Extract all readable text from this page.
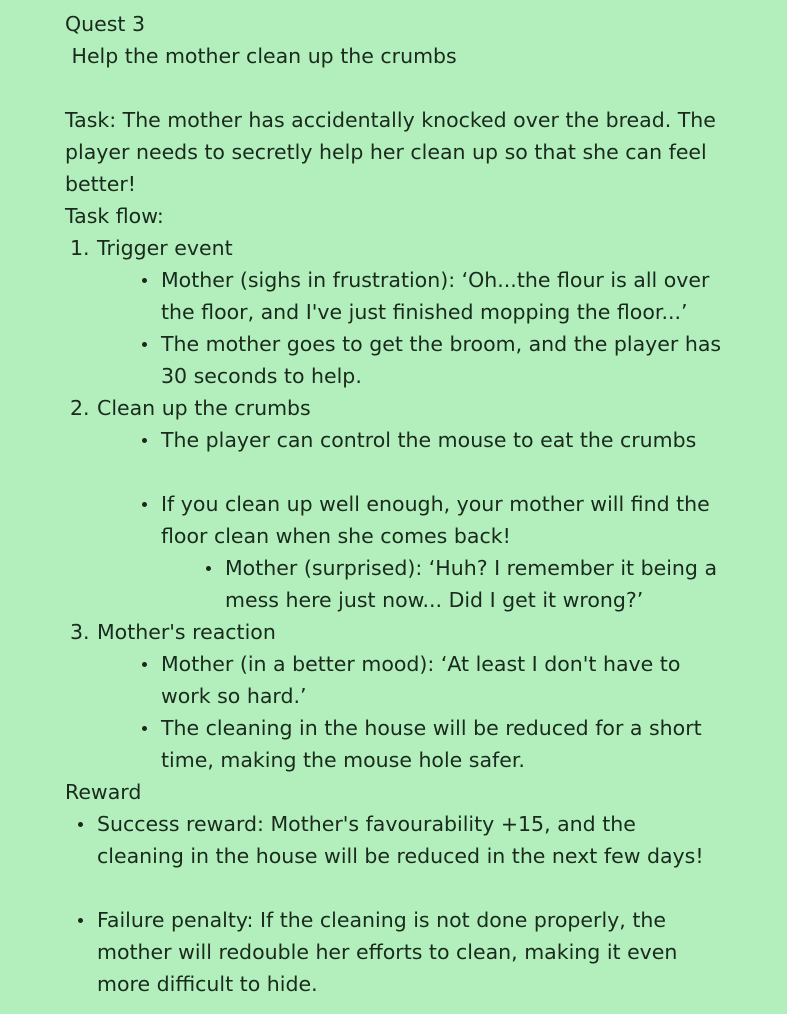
Quest 3
Help the mother clean up the crumbs
Task: The mother has accidentally knocked over the bread. The player needs to secretly help her clean up so that she can feel better!
Task flow:
1. Trigger event
Mother (sighs in frustration): ‘Oh...the flour is all over the floor, and I've just finished mopping the floor...’
The mother goes to get the broom, and the player has 30 seconds to help.
2. Clean up the crumbs
The player can control the mouse to eat the crumbs
If you clean up well enough, your mother will find the floor clean when she comes back!
Mother (surprised): ‘Huh? I remember it being a mess here just now... Did I get it wrong?’
3. Mother's reaction
Mother (in a better mood): ‘At least I don't have to work so hard.’
The cleaning in the house will be reduced for a short time, making the mouse hole safer.
Reward
Success reward: Mother's favourability +15, and the cleaning in the house will be reduced in the next few days!
Failure penalty: If the cleaning is not done properly, the mother will redouble her efforts to clean, making it even more difficult to hide.
